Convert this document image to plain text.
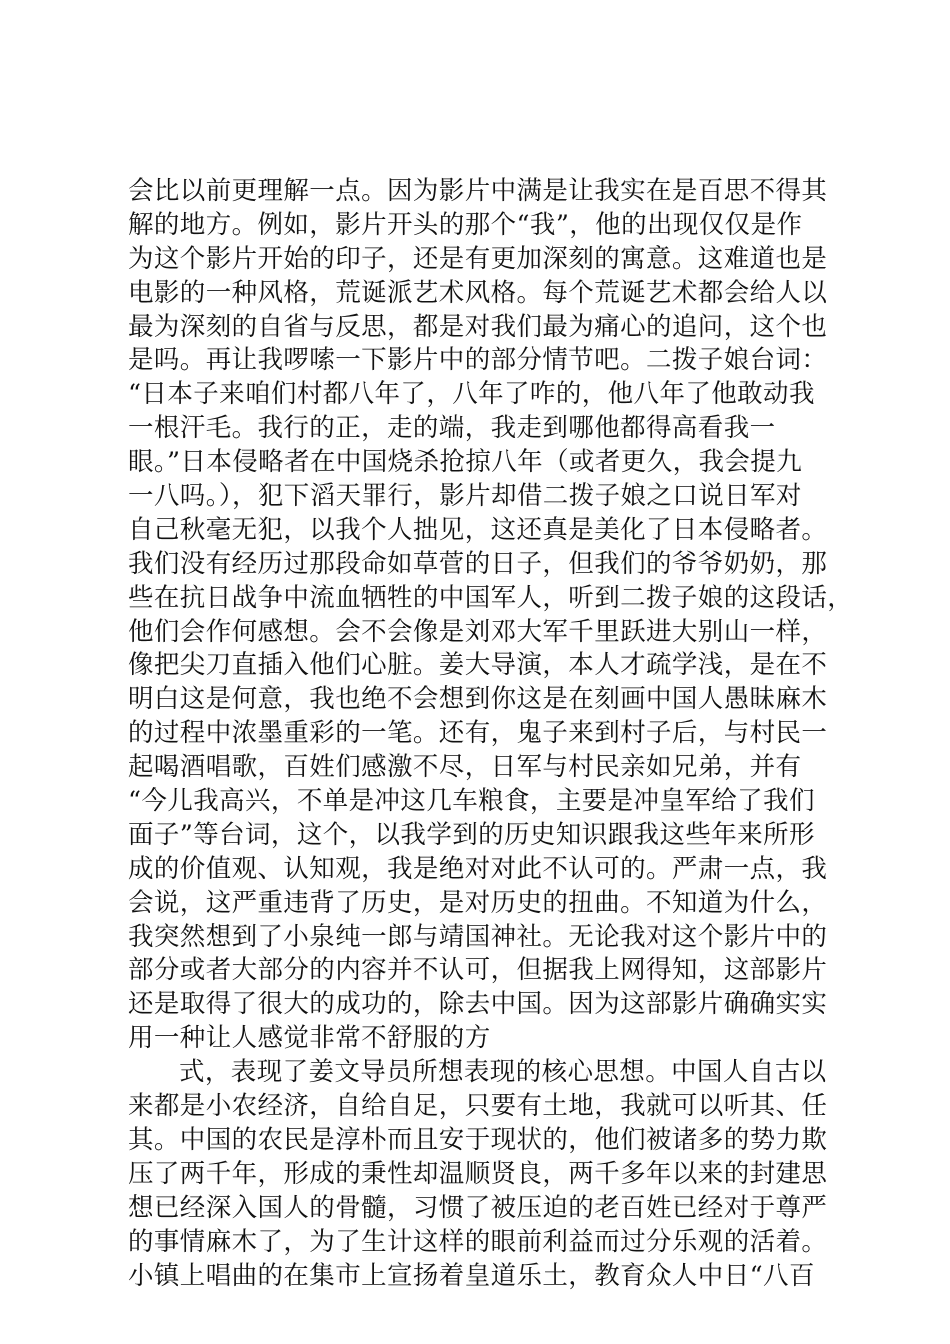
会比以前更理解一点。因为影片中满是让我实在是百思不得其
解的地方。例如，影片开头的那个“我”，他的出现仅仅是作
为这个影片开始的印子，还是有更加深刻的寓意。这难道也是
电影的一种风格，荒诞派艺术风格。每个荒诞艺术都会给人以
最为深刻的自省与反思，都是对我们最为痛心的追问，这个也
是吗。再让我啰嗦一下影片中的部分情节吧。二拨子娘台词：
“日本子来咱们村都八年了，八年了咋的，他八年了他敢动我
一根汗毛。我行的正，走的端，我走到哪他都得高看我一
眼。”日本侵略者在中国烧杀抢掠八年（或者更久，我会提九
一八吗。），犯下滔天罪行，影片却借二拨子娘之口说日军对
自己秋毫无犯，以我个人拙见，这还真是美化了日本侵略者。
我们没有经历过那段命如草菅的日子，但我们的爷爷奶奶，那
些在抗日战争中流血牺牲的中国军人，听到二拨子娘的这段话，
他们会作何感想。会不会像是刘邓大军千里跃进大别山一样，
像把尖刀直插入他们心脏。姜大导演，本人才疏学浅，是在不
明白这是何意，我也绝不会想到你这是在刻画中国人愚昧麻木
的过程中浓墨重彩的一笔。还有，鬼子来到村子后，与村民一
起喝酒唱歌，百姓们感激不尽，日军与村民亲如兄弟，并有
“今儿我高兴，不单是冲这几车粮食，主要是冲皇军给了我们
面子”等台词，这个，以我学到的历史知识跟我这些年来所形
成的价值观、认知观，我是绝对对此不认可的。严肃一点，我
会说，这严重违背了历史，是对历史的扭曲。不知道为什么，
我突然想到了小泉纯一郎与靖国神社。无论我对这个影片中的
部分或者大部分的内容并不认可，但据我上网得知，这部影片
还是取得了很大的成功的，除去中国。因为这部影片确确实实
用一种让人感觉非常不舒服的方
式，表现了姜文导员所想表现的核心思想。中国人自古以
来都是小农经济，自给自足，只要有土地，我就可以听其、任
其。中国的农民是淳朴而且安于现状的，他们被诸多的势力欺
压了两千年，形成的秉性却温顺贤良，两千多年以来的封建思
想已经深入国人的骨髓，习惯了被压迫的老百姓已经对于尊严
的事情麻木了，为了生计这样的眼前利益而过分乐观的活着。
小镇上唱曲的在集市上宣扬着皇道乐土，教育众人中日“八百
